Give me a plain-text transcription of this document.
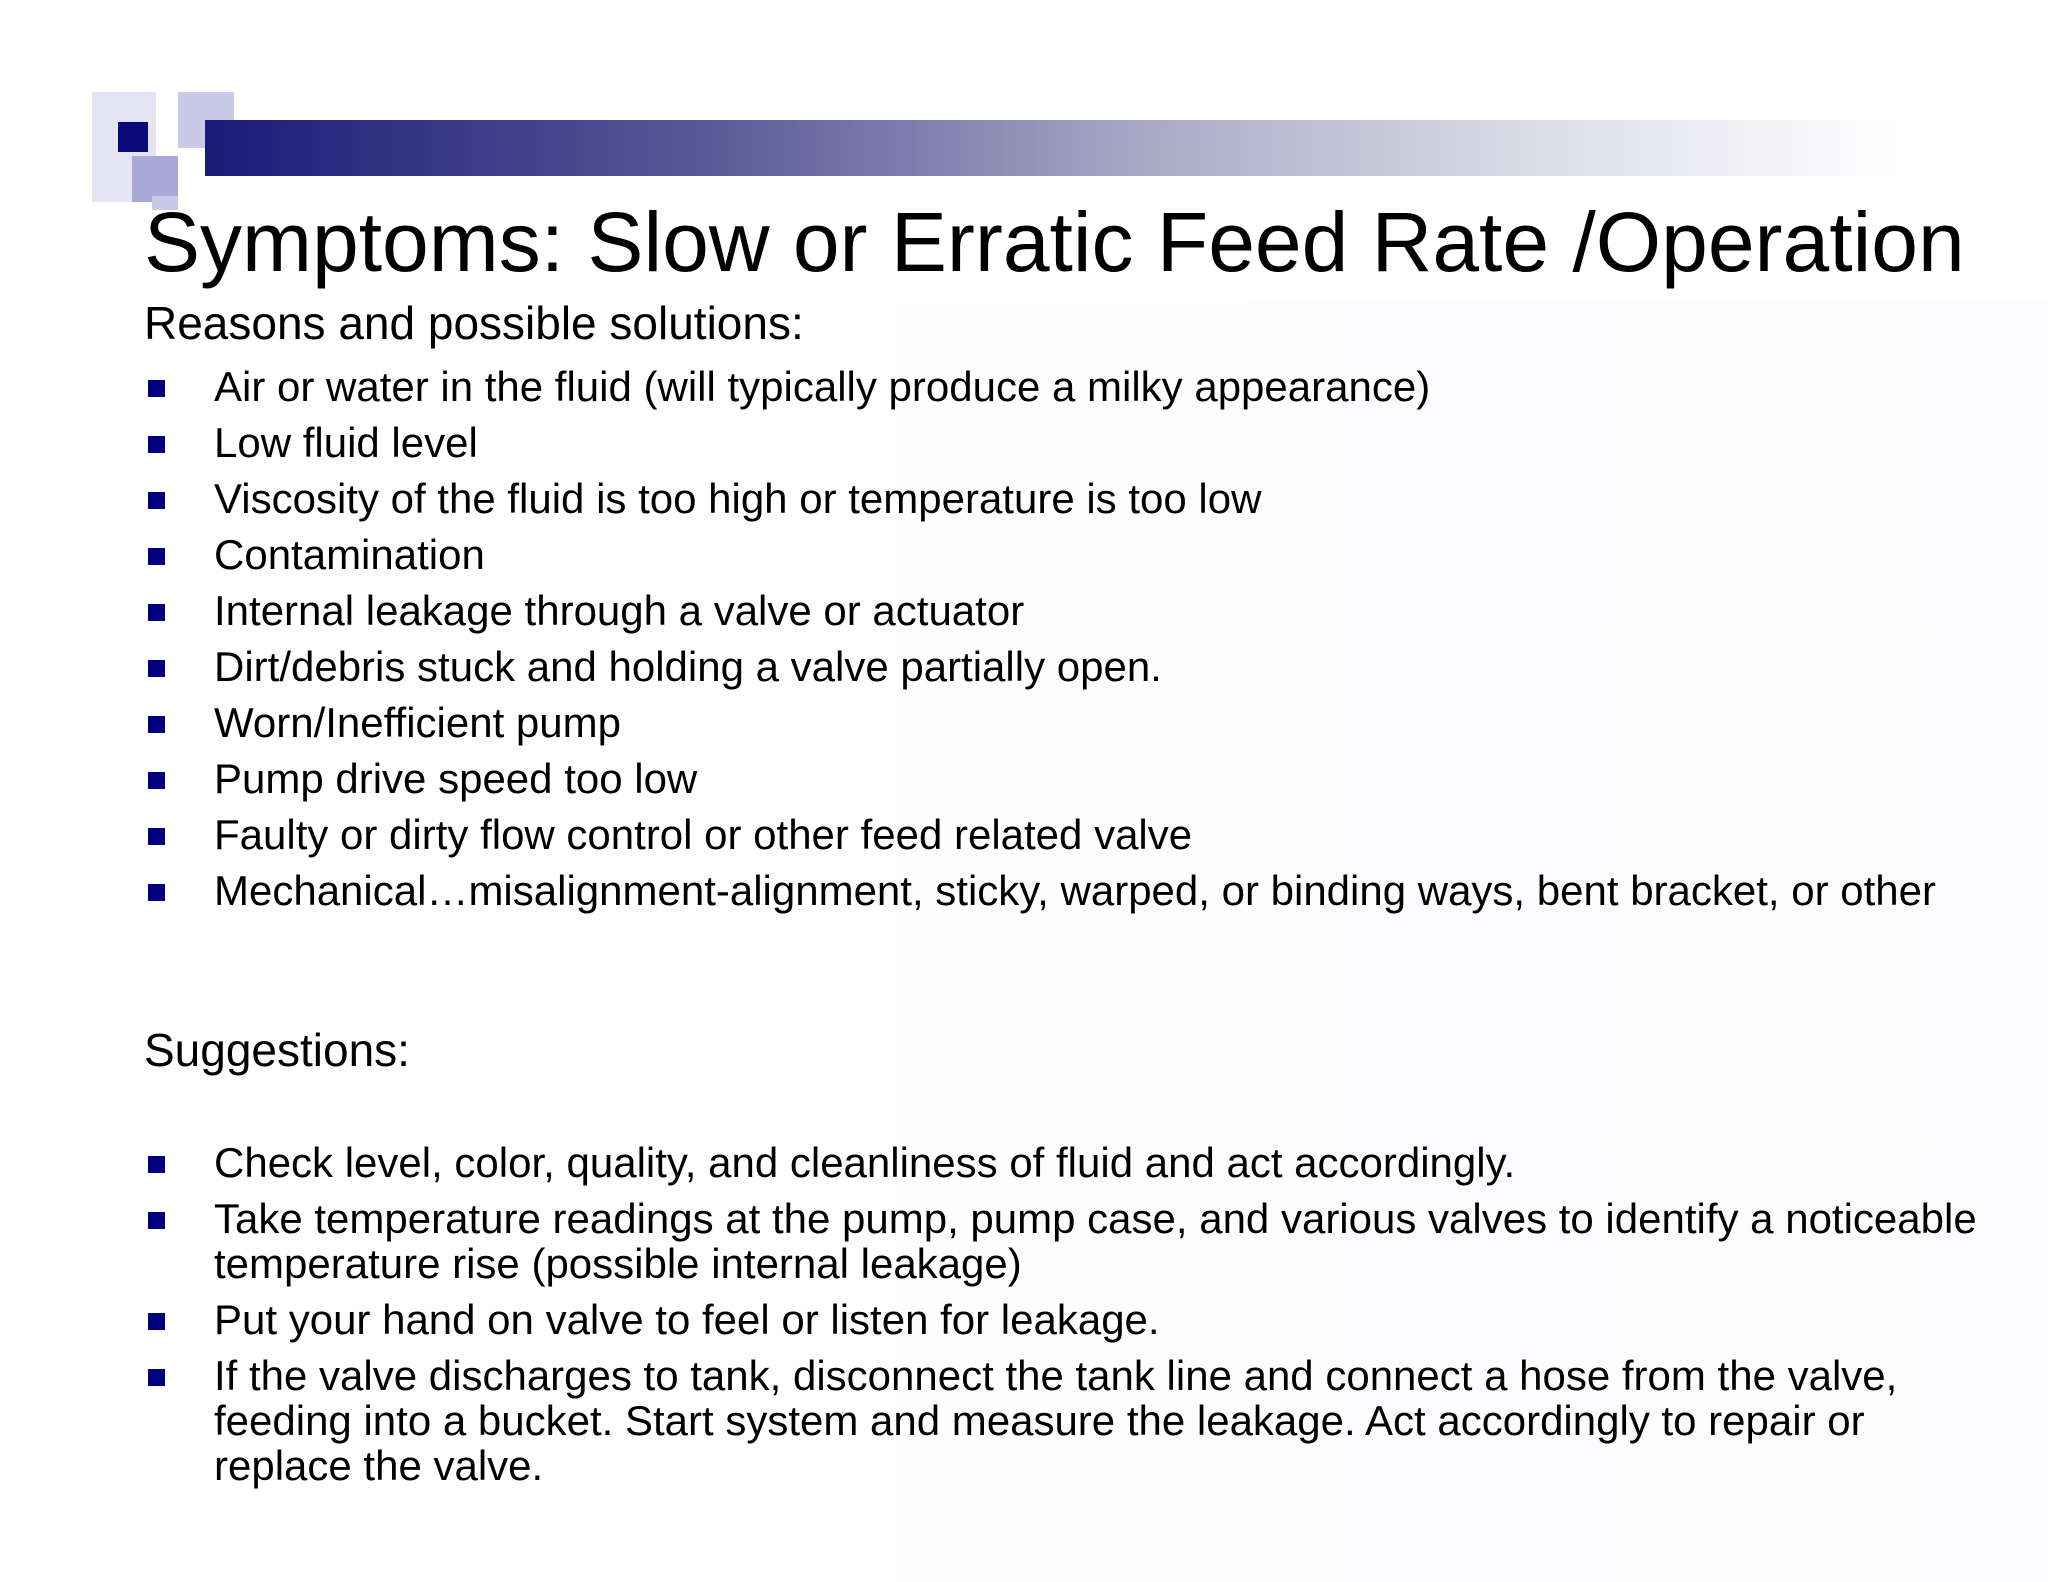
Symptoms: Slow or Erratic Feed Rate /Operation
Reasons and possible solutions:
Air or water in the fluid (will typically produce a milky appearance)
Low fluid level
Viscosity of the fluid is too high or temperature is too low
Contamination
Internal leakage through a valve or actuator
Dirt/debris stuck and holding a valve partially open.
Worn/Inefficient pump
Pump drive speed too low
Faulty or dirty flow control or other feed related valve
Mechanical…misalignment-alignment, sticky, warped, or binding ways, bent bracket, or other
Suggestions:
Check level, color, quality, and cleanliness of fluid and act accordingly.
Take temperature readings at the pump, pump case, and various valves to identify a noticeable temperature rise (possible internal leakage)
Put your hand on valve to feel or listen for leakage.
If the valve discharges to tank, disconnect the tank line and connect a hose from the valve, feeding into a bucket. Start system and measure the leakage. Act accordingly to repair or replace the valve.
